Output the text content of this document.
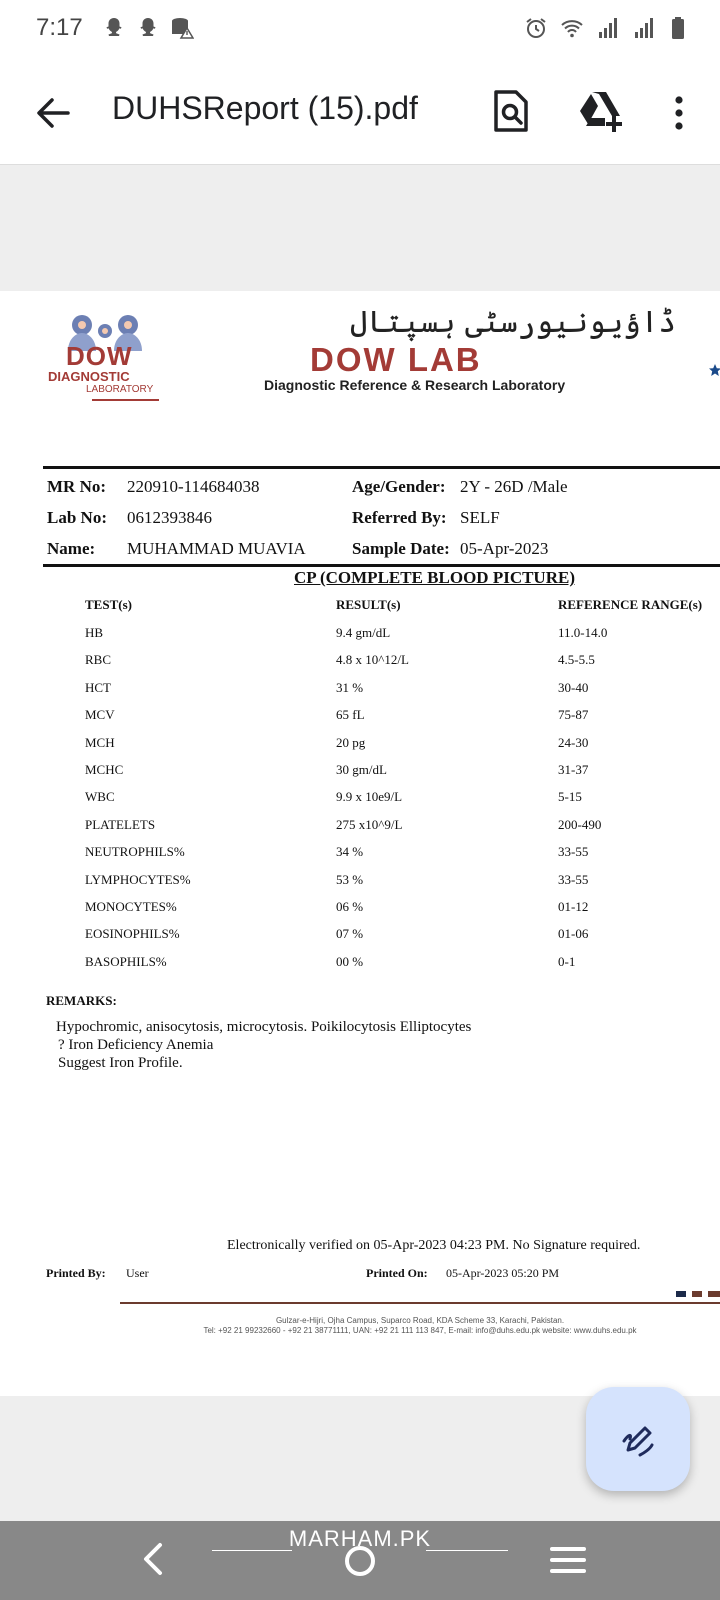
7:17
DUHSReport (15).pdf
DOW
DIAGNOSTIC
LABORATORY
ڈاؤیونیورسٹی ہسپتال
DOW LAB
Diagnostic Reference & Research Laboratory
MR No: 220910-114684038
Lab No: 0612393846
Name: MUHAMMAD MUAVIA
Age/Gender: 2Y - 26D /Male
Referred By: SELF
Sample Date: 05-Apr-2023
CP (COMPLETE BLOOD PICTURE)
TEST(s)	RESULT(s)	REFERENCE RANGE(s)
HB	9.4 gm/dL	11.0-14.0
RBC	4.8 x 10^12/L	4.5-5.5
HCT	31 %	30-40
MCV	65 fL	75-87
MCH	20 pg	24-30
MCHC	30 gm/dL	31-37
WBC	9.9 x 10e9/L	5-15
PLATELETS	275 x10^9/L	200-490
NEUTROPHILS%	34 %	33-55
LYMPHOCYTES%	53 %	33-55
MONOCYTES%	06 %	01-12
EOSINOPHILS%	07 %	01-06
BASOPHILS%	00 %	0-1
REMARKS:
Hypochromic, anisocytosis, microcytosis. Poikilocytosis Elliptocytes
? Iron Deficiency Anemia
Suggest Iron Profile.
Electronically verified on 05-Apr-2023 04:23 PM. No Signature required.
Printed By: User	Printed On: 05-Apr-2023 05:20 PM
Gulzar-e-Hijri, Ojha Campus, Suparco Road, KDA Scheme 33, Karachi, Pakistan.
Tel: +92 21 99232660 - +92 21 38771111, UAN: +92 21 111 113 847, E-mail: info@duhs.edu.pk website: www.duhs.edu.pk
MARHAM.PK
